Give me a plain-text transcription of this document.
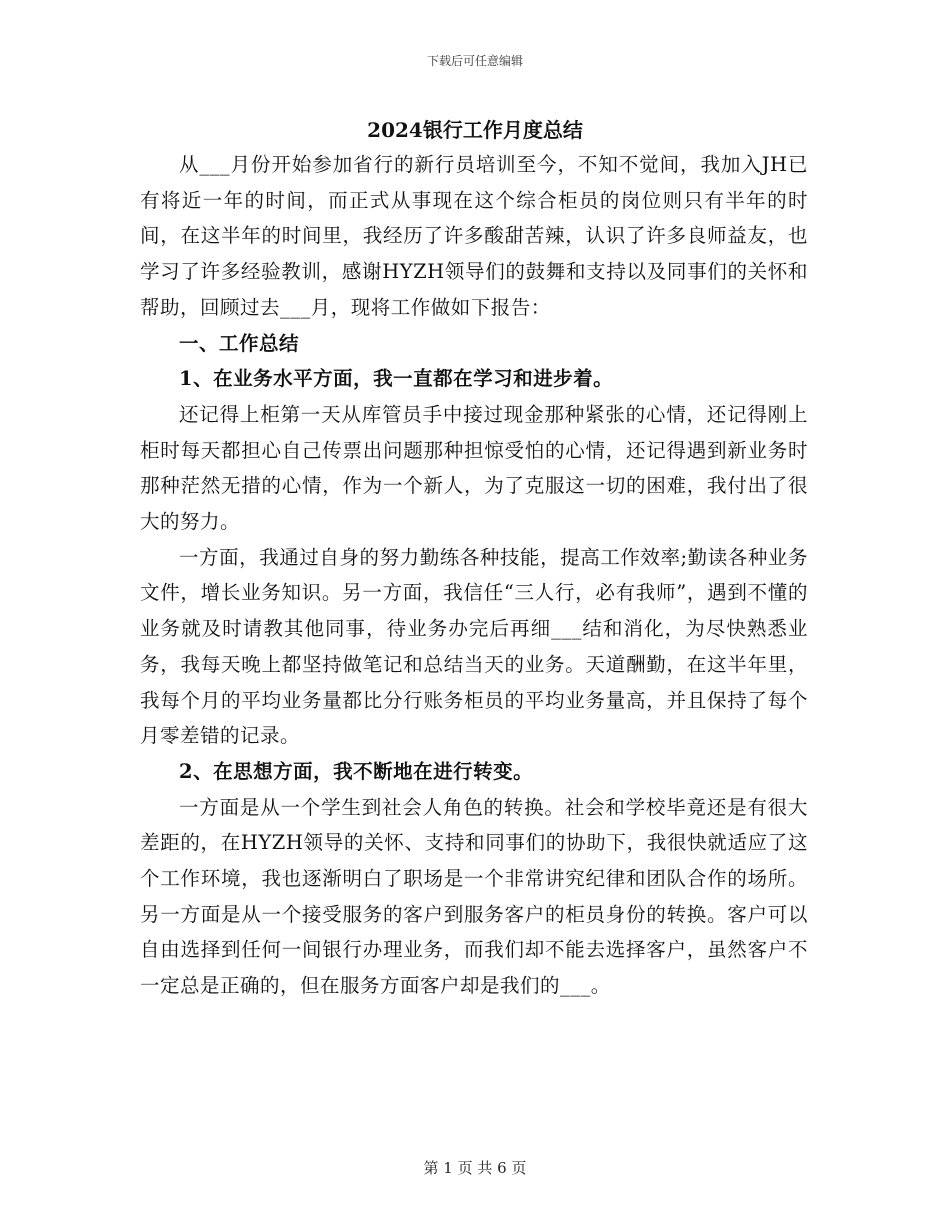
下载后可任意编辑
2024银行工作月度总结

从___月份开始参加省行的新行员培训至今，不知不觉间，我加入JH已有将近一年的时间，而正式从事现在这个综合柜员的岗位则只有半年的时间，在这半年的时间里，我经历了许多酸甜苦辣，认识了许多良师益友，也学习了许多经验教训，感谢HYZH领导们的鼓舞和支持以及同事们的关怀和帮助，回顾过去___月，现将工作做如下报告：

一、工作总结

1、在业务水平方面，我一直都在学习和进步着。

还记得上柜第一天从库管员手中接过现金那种紧张的心情，还记得刚上柜时每天都担心自己传票出问题那种担惊受怕的心情，还记得遇到新业务时那种茫然无措的心情，作为一个新人，为了克服这一切的困难，我付出了很大的努力。

一方面，我通过自身的努力勤练各种技能，提高工作效率;勤读各种业务文件，增长业务知识。另一方面，我信任“三人行，必有我师”，遇到不懂的业务就及时请教其他同事，待业务办完后再细___结和消化，为尽快熟悉业务，我每天晚上都坚持做笔记和总结当天的业务。天道酬勤，在这半年里，我每个月的平均业务量都比分行账务柜员的平均业务量高，并且保持了每个月零差错的记录。

2、在思想方面，我不断地在进行转变。

一方面是从一个学生到社会人角色的转换。社会和学校毕竟还是有很大差距的，在HYZH领导的关怀、支持和同事们的协助下，我很快就适应了这个工作环境，我也逐渐明白了职场是一个非常讲究纪律和团队合作的场所。另一方面是从一个接受服务的客户到服务客户的柜员身份的转换。客户可以自由选择到任何一间银行办理业务，而我们却不能去选择客户，虽然客户不一定总是正确的，但在服务方面客户却是我们的___。

第 1 页 共 6 页
